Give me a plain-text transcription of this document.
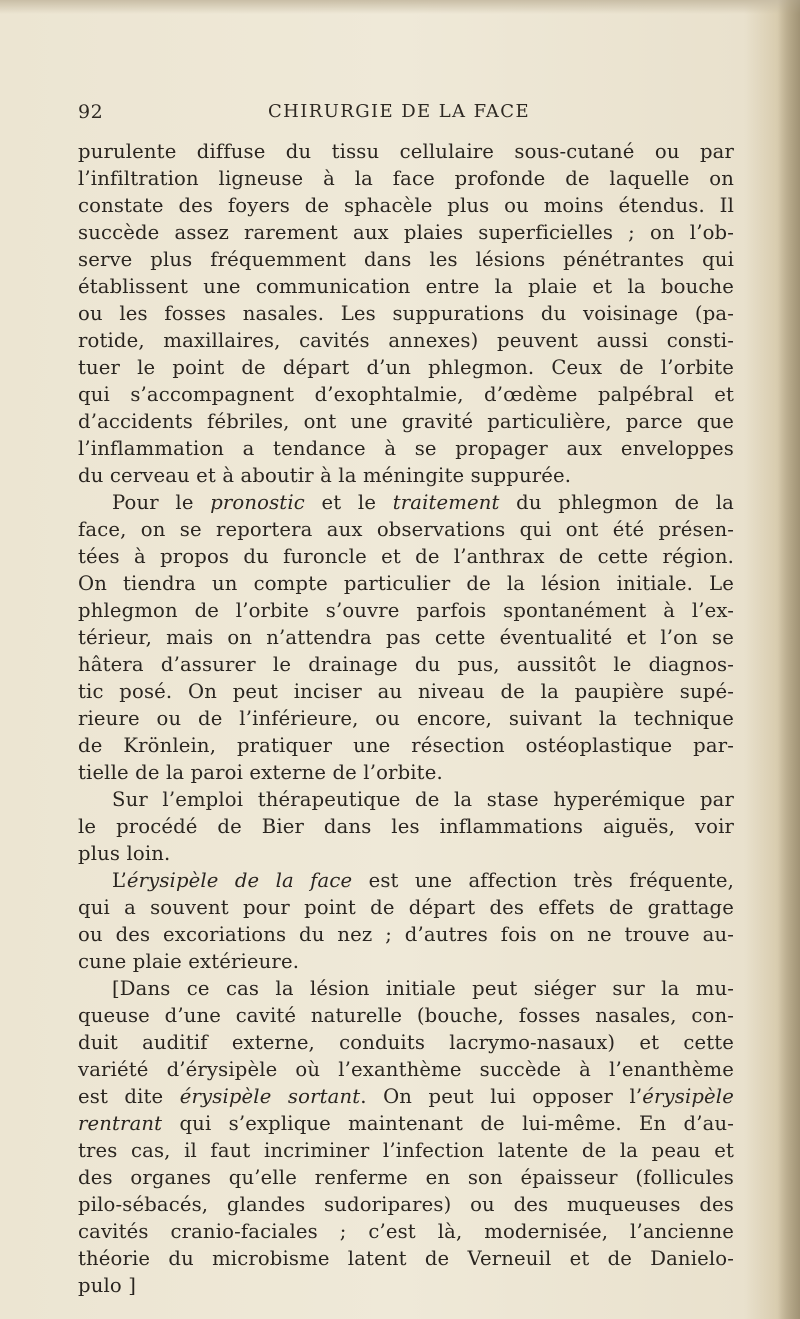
92	CHIRURGIE DE LA FACE
purulente diffuse du tissu cellulaire sous-cutané ou par
l’infiltration ligneuse à la face profonde de laquelle on
constate des foyers de sphacèle plus ou moins étendus. Il
succède assez rarement aux plaies superficielles ; on l’ob-
serve plus fréquemment dans les lésions pénétrantes qui
établissent une communication entre la plaie et la bouche
ou les fosses nasales. Les suppurations du voisinage (pa-
rotide, maxillaires, cavités annexes) peuvent aussi consti-
tuer le point de départ d’un phlegmon. Ceux de l’orbite
qui s’accompagnent d’exophtalmie, d’œdème palpébral et
d’accidents fébriles, ont une gravité particulière, parce que
l’inflammation a tendance à se propager aux enveloppes
du cerveau et à aboutir à la méningite suppurée.
Pour le pronostic et le traitement du phlegmon de la
face, on se reportera aux observations qui ont été présen-
tées à propos du furoncle et de l’anthrax de cette région.
On tiendra un compte particulier de la lésion initiale. Le
phlegmon de l’orbite s’ouvre parfois spontanément à l’ex-
térieur, mais on n’attendra pas cette éventualité et l’on se
hâtera d’assurer le drainage du pus, aussitôt le diagnos-
tic posé. On peut inciser au niveau de la paupière supé-
rieure ou de l’inférieure, ou encore, suivant la technique
de Krönlein, pratiquer une résection ostéoplastique par-
tielle de la paroi externe de l’orbite.
Sur l’emploi thérapeutique de la stase hyperémique par
le procédé de Bier dans les inflammations aiguës, voir
plus loin.
L’érysipèle de la face est une affection très fréquente,
qui a souvent pour point de départ des effets de grattage
ou des excoriations du nez ; d’autres fois on ne trouve au-
cune plaie extérieure.
[Dans ce cas la lésion initiale peut siéger sur la mu-
queuse d’une cavité naturelle (bouche, fosses nasales, con-
duit auditif externe, conduits lacrymo-nasaux) et cette
variété d’érysipèle où l’exanthème succède à l’enanthème
est dite érysipèle sortant. On peut lui opposer l’érysipèle
rentrant qui s’explique maintenant de lui-même. En d’au-
tres cas, il faut incriminer l’infection latente de la peau et
des organes qu’elle renferme en son épaisseur (follicules
pilo-sébacés, glandes sudoripares) ou des muqueuses des
cavités cranio-faciales ; c’est là, modernisée, l’ancienne
théorie du microbisme latent de Verneuil et de Danielo-
pulo ]
